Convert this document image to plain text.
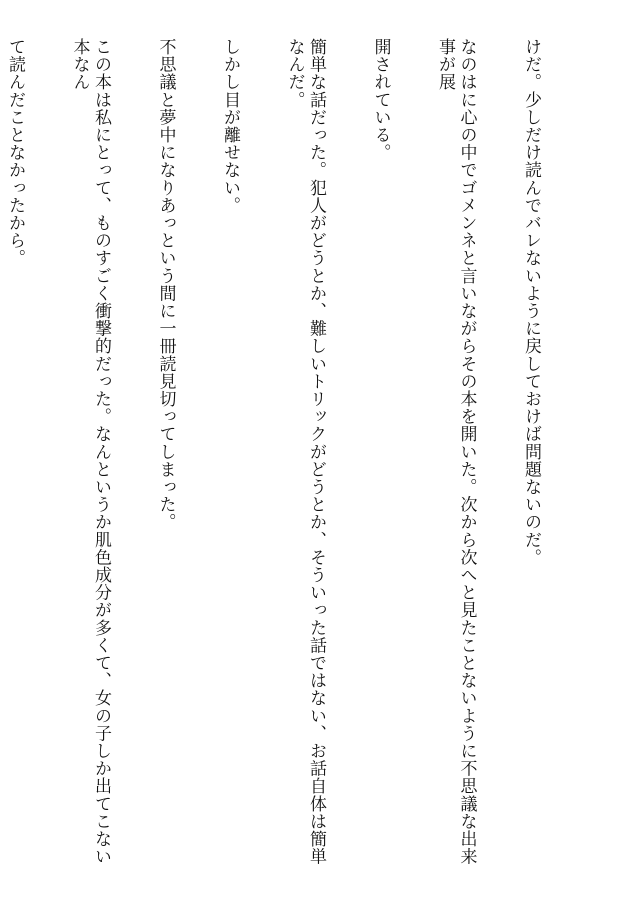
けだ。少しだけ読んでバレないように戻しておけば問題ないのだ。

なのはに心の中でゴメンネと言いながらその本を開いた。次から次へと見たことないように不思議な出来事が展

開されている。

簡単な話だった。犯人がどうとか、難しいトリックがどうとか、そういった話ではない、お話自体は簡単なんだ。

しかし目が離せない。

不思議と夢中になりあっという間に一冊読見切ってしまった。

この本は私にとって、ものすごく衝撃的だった。なんというか肌色成分が多くて、女の子しか出てこない本なん

て読んだことなかったから。
